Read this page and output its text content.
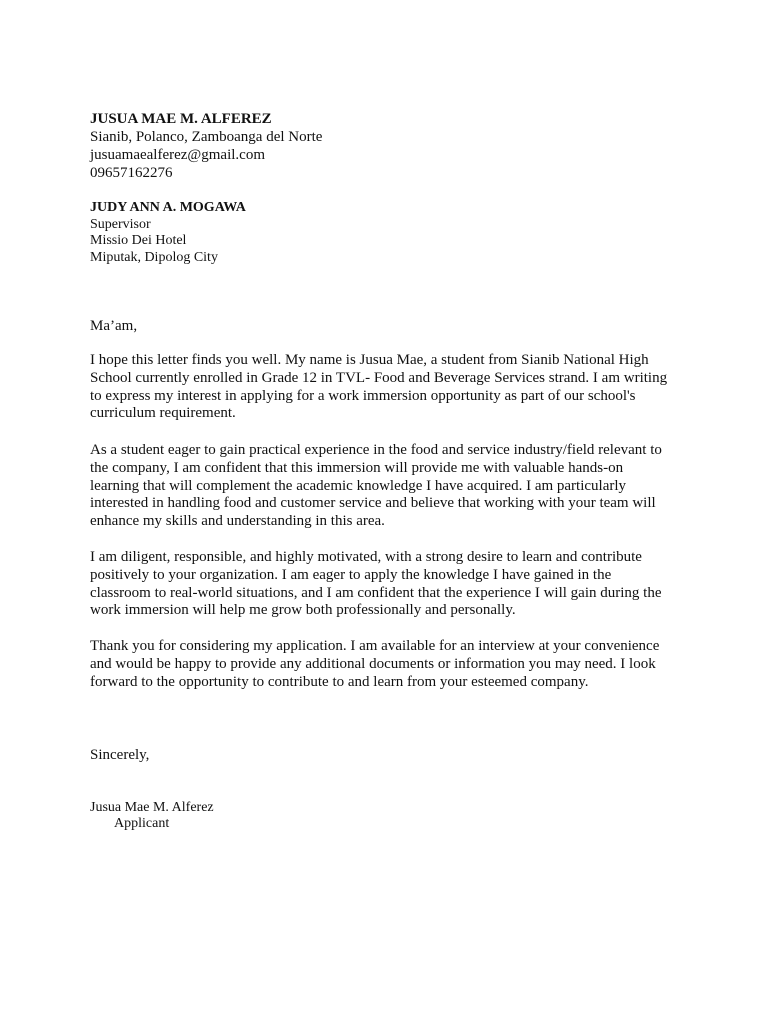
JUSUA MAE M. ALFEREZ
Sianib, Polanco, Zamboanga del Norte
jusuamaealferez@gmail.com
09657162276
JUDY ANN A. MOGAWA
Supervisor
Missio Dei Hotel
Miputak, Dipolog City
Ma’am,
I hope this letter finds you well. My name is Jusua Mae, a student from Sianib National High
School currently enrolled in Grade 12 in TVL- Food and Beverage Services strand. I am writing
to express my interest in applying for a work immersion opportunity as part of our school's
curriculum requirement.
As a student eager to gain practical experience in the food and service industry/field relevant to
the company, I am confident that this immersion will provide me with valuable hands-on
learning that will complement the academic knowledge I have acquired. I am particularly
interested in handling food and customer service and believe that working with your team will
enhance my skills and understanding in this area.
I am diligent, responsible, and highly motivated, with a strong desire to learn and contribute
positively to your organization. I am eager to apply the knowledge I have gained in the
classroom to real-world situations, and I am confident that the experience I will gain during the
work immersion will help me grow both professionally and personally.
Thank you for considering my application. I am available for an interview at your convenience
and would be happy to provide any additional documents or information you may need. I look
forward to the opportunity to contribute to and learn from your esteemed company.
Sincerely,
Jusua Mae M. Alferez
Applicant
